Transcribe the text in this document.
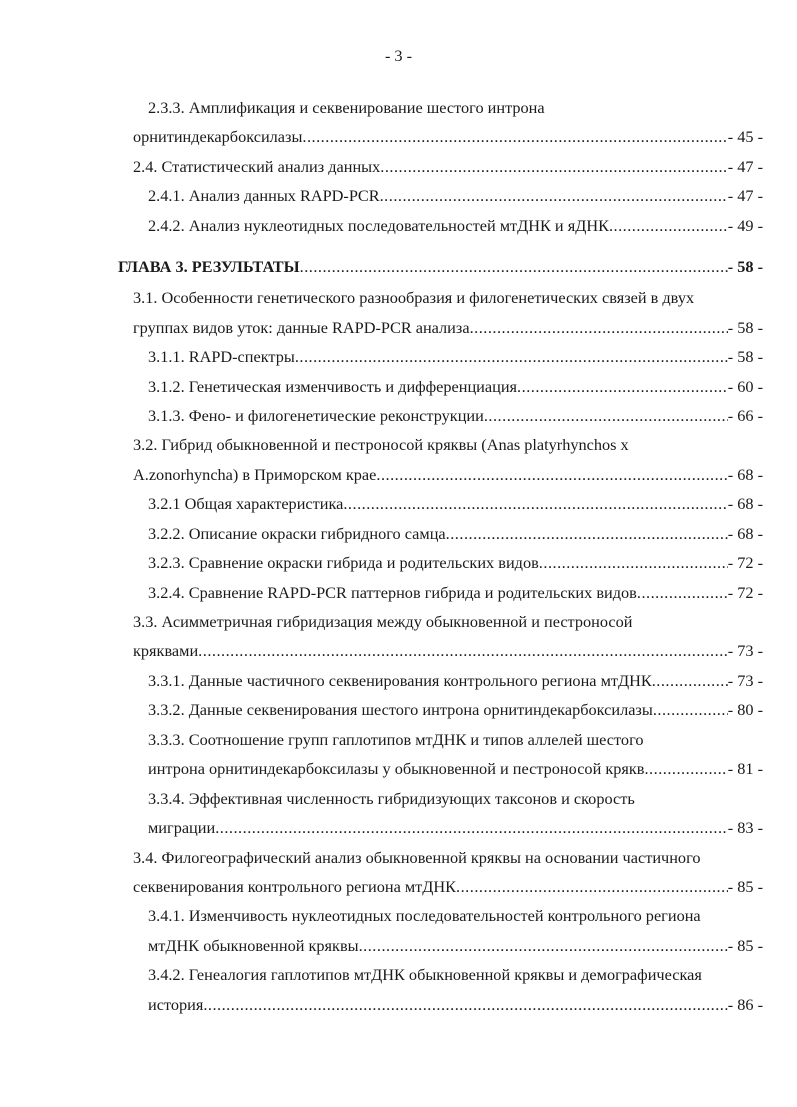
- 3 -
2.3.3. Амплификация и секвенирование шестого интрона
орнитиндекарбоксилазы .....	- 45 -
2.4. Статистический анализ данных .....	- 47 -
2.4.1. Анализ данных RAPD-PCR .....	- 47 -
2.4.2. Анализ нуклеотидных последовательностей мтДНК и яДНК .....	- 49 -
ГЛАВА 3. РЕЗУЛЬТАТЫ .....	- 58 -
3.1. Особенности генетического разнообразия и филогенетических связей в двух
группах видов уток: данные RAPD-PCR анализа .....	- 58 -
3.1.1. RAPD-спектры .....	- 58 -
3.1.2. Генетическая изменчивость и дифференциация .....	- 60 -
3.1.3. Фено- и филогенетические реконструкции .....	- 66 -
3.2. Гибрид обыкновенной и пестроносой кряквы (Anas platyrhynchos x
A.zonorhyncha) в Приморском крае .....	- 68 -
3.2.1 Общая характеристика .....	- 68 -
3.2.2. Описание окраски гибридного самца .....	- 68 -
3.2.3. Сравнение окраски гибрида и родительских видов .....	- 72 -
3.2.4. Сравнение RAPD-PCR паттернов гибрида и родительских видов .....	- 72 -
3.3. Асимметричная гибридизация между обыкновенной и пестроносой
кряквами .....	- 73 -
3.3.1. Данные частичного секвенирования контрольного региона мтДНК .....	- 73 -
3.3.2. Данные секвенирования шестого интрона орнитиндекарбоксилазы .....	- 80 -
3.3.3. Соотношение групп гаплотипов мтДНК и типов аллелей шестого
интрона орнитиндекарбоксилазы у обыкновенной и пестроносой крякв .....	- 81 -
3.3.4. Эффективная численность гибридизующих таксонов и скорость
миграции .....	- 83 -
3.4. Филогеографический анализ обыкновенной кряквы на основании частичного
секвенирования контрольного региона мтДНК .....	- 85 -
3.4.1. Изменчивость нуклеотидных последовательностей контрольного региона
мтДНК обыкновенной кряквы .....	- 85 -
3.4.2. Генеалогия гаплотипов мтДНК обыкновенной кряквы и демографическая
история .....	- 86 -
